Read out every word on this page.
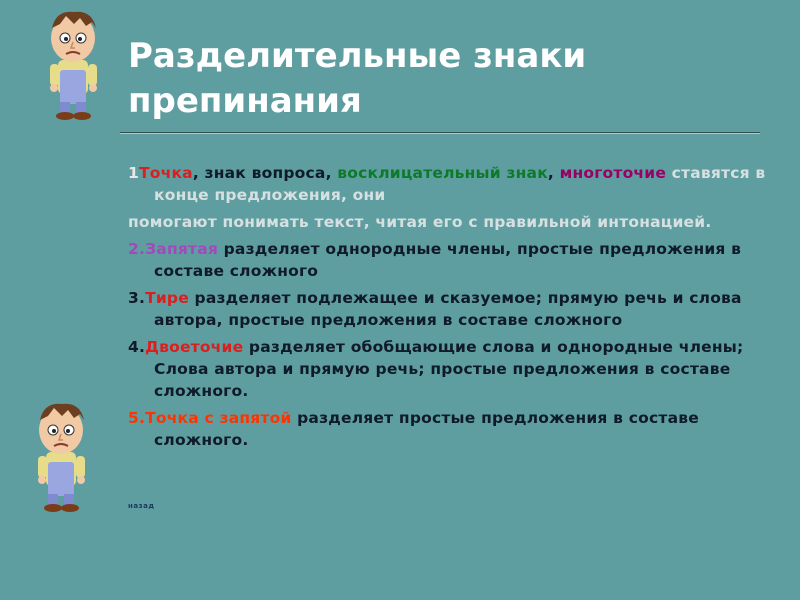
Разделительные знаки
препинания

1Точка, знак вопроса, восклицательный знак, многоточие ставятся в конце предложения, они

помогают понимать текст, читая его с правильной интонацией.

2.Запятая разделяет однородные члены, простые предложения в составе сложного

3.Тире разделяет подлежащее и сказуемое; прямую речь и слова автора, простые предложения в составе сложного

4.Двоеточие разделяет обобщающие слова и однородные члены; Слова автора и прямую речь; простые предложения в составе сложного.

5.Точка с запятой разделяет простые предложения в составе сложного.

назад
